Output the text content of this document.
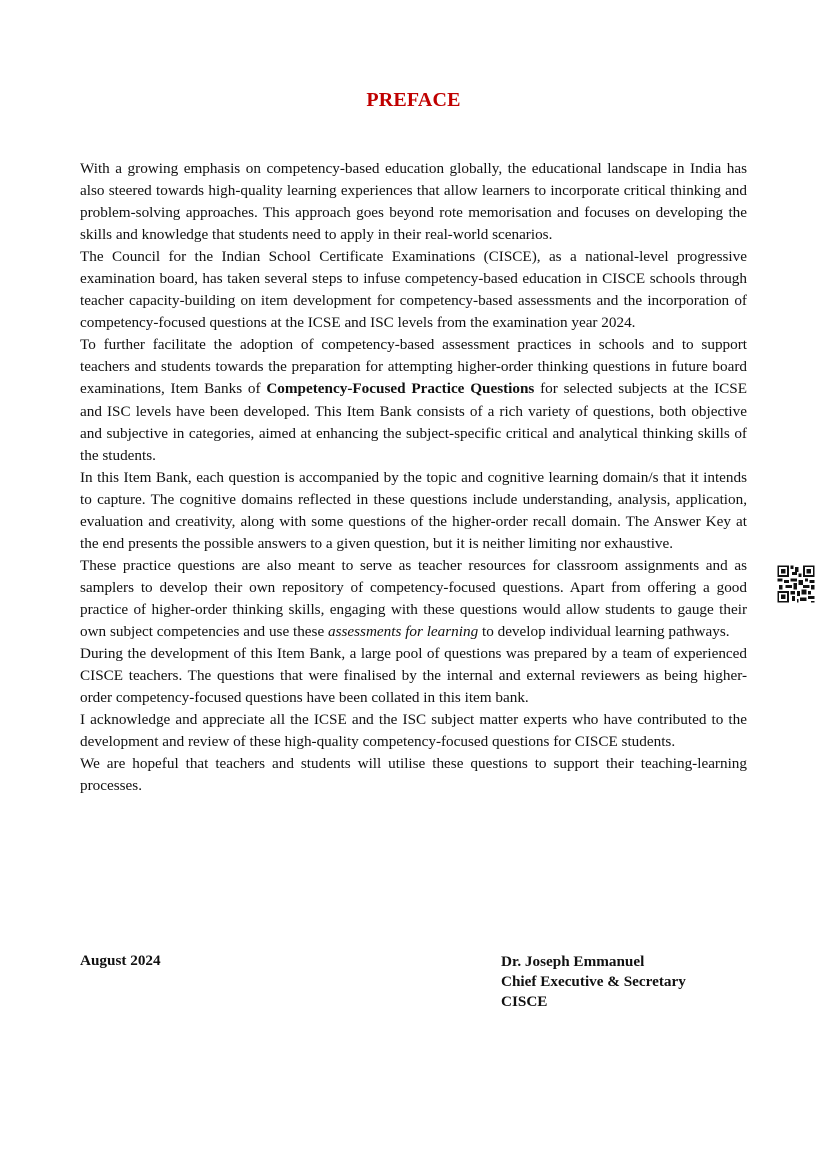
PREFACE

With a growing emphasis on competency-based education globally, the educational landscape in India has also steered towards high-quality learning experiences that allow learners to incorporate critical thinking and problem-solving approaches. This approach goes beyond rote memorisation and focuses on developing the skills and knowledge that students need to apply in their real-world scenarios.

The Council for the Indian School Certificate Examinations (CISCE), as a national-level progressive examination board, has taken several steps to infuse competency-based education in CISCE schools through teacher capacity-building on item development for competency-based assessments and the incorporation of competency-focused questions at the ICSE and ISC levels from the examination year 2024.

To further facilitate the adoption of competency-based assessment practices in schools and to support teachers and students towards the preparation for attempting higher-order thinking questions in future board examinations, Item Banks of Competency-Focused Practice Questions for selected subjects at the ICSE and ISC levels have been developed. This Item Bank consists of a rich variety of questions, both objective and subjective in categories, aimed at enhancing the subject-specific critical and analytical thinking skills of the students.

In this Item Bank, each question is accompanied by the topic and cognitive learning domain/s that it intends to capture. The cognitive domains reflected in these questions include understanding, analysis, application, evaluation and creativity, along with some questions of the higher-order recall domain. The Answer Key at the end presents the possible answers to a given question, but it is neither limiting nor exhaustive.

These practice questions are also meant to serve as teacher resources for classroom assignments and as samplers to develop their own repository of competency-focused questions. Apart from offering a good practice of higher-order thinking skills, engaging with these questions would allow students to gauge their own subject competencies and use these assessments for learning to develop individual learning pathways.

During the development of this Item Bank, a large pool of questions was prepared by a team of experienced CISCE teachers. The questions that were finalised by the internal and external reviewers as being higher-order competency-focused questions have been collated in this item bank.

I acknowledge and appreciate all the ICSE and the ISC subject matter experts who have contributed to the development and review of these high-quality competency-focused questions for CISCE students.

We are hopeful that teachers and students will utilise these questions to support their teaching-learning processes.

August 2024	Dr. Joseph Emmanuel
Chief Executive & Secretary
CISCE
